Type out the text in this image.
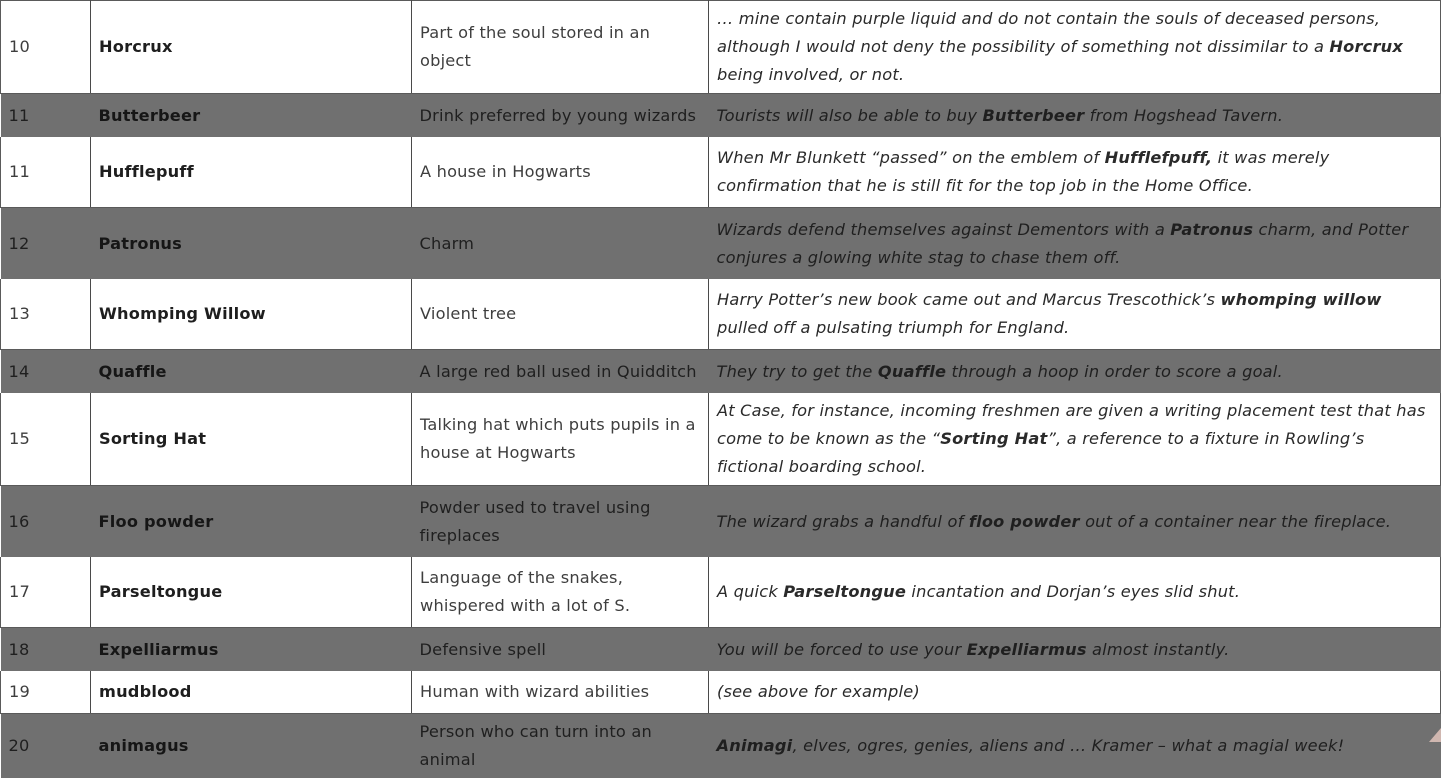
10	Horcrux	Part of the soul stored in an object	… mine contain purple liquid and do not contain the souls of deceased persons, although I would not deny the possibility of something not dissimilar to a Horcrux being involved, or not.
11	Butterbeer	Drink preferred by young wizards	Tourists will also be able to buy Butterbeer from Hogshead Tavern.
11	Hufflepuff	A house in Hogwarts	When Mr Blunkett “passed” on the emblem of Hufflefpuff, it was merely confirmation that he is still fit for the top job in the Home Office.
12	Patronus	Charm	Wizards defend themselves against Dementors with a Patronus charm, and Potter conjures a glowing white stag to chase them off.
13	Whomping Willow	Violent tree	Harry Potter’s new book came out and Marcus Trescothick’s whomping willow pulled off a pulsating triumph for England.
14	Quaffle	A large red ball used in Quidditch	They try to get the Quaffle through a hoop in order to score a goal.
15	Sorting Hat	Talking hat which puts pupils in a house at Hogwarts	At Case, for instance, incoming freshmen are given a writing placement test that has come to be known as the “Sorting Hat”, a reference to a fixture in Rowling’s fictional boarding school.
16	Floo powder	Powder used to travel using fireplaces	The wizard grabs a handful of floo powder out of a container near the fireplace.
17	Parseltongue	Language of the snakes, whispered with a lot of S.	A quick Parseltongue incantation and Dorjan’s eyes slid shut.
18	Expelliarmus	Defensive spell	You will be forced to use your Expelliarmus almost instantly.
19	mudblood	Human with wizard abilities	(see above for example)
20	animagus	Person who can turn into an animal	Animagi, elves, ogres, genies, aliens and … Kramer – what a magial week!
